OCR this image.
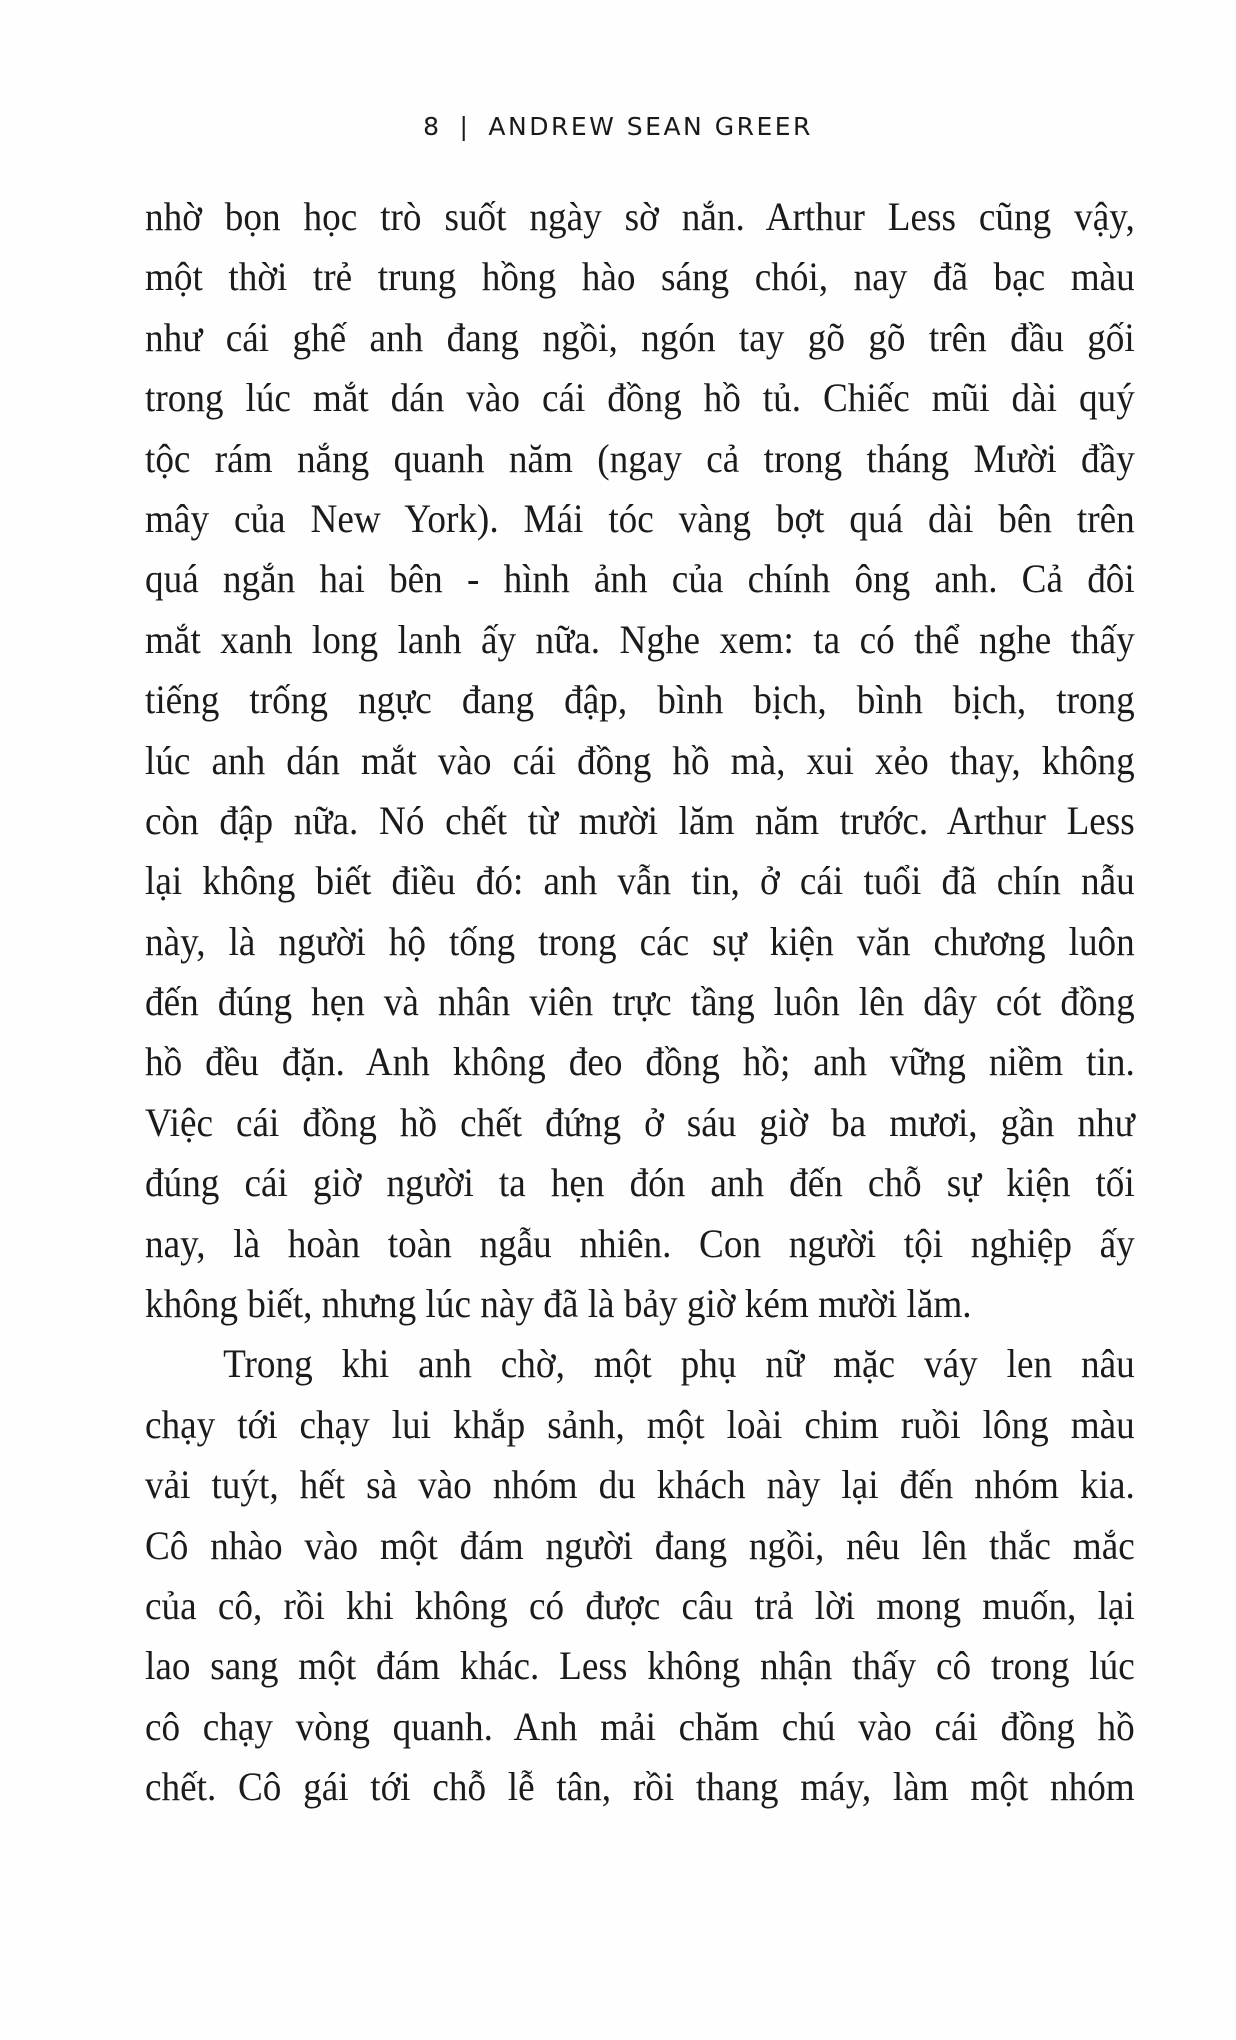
8 | ANDREW SEAN GREER
nhờ bọn học trò suốt ngày sờ nắn. Arthur Less cũng vậy,
một thời trẻ trung hồng hào sáng chói, nay đã bạc màu
như cái ghế anh đang ngồi, ngón tay gõ gõ trên đầu gối
trong lúc mắt dán vào cái đồng hồ tủ. Chiếc mũi dài quý
tộc rám nắng quanh năm (ngay cả trong tháng Mười đầy
mây của New York). Mái tóc vàng bợt quá dài bên trên
quá ngắn hai bên - hình ảnh của chính ông anh. Cả đôi
mắt xanh long lanh ấy nữa. Nghe xem: ta có thể nghe thấy
tiếng trống ngực đang đập, bình bịch, bình bịch, trong
lúc anh dán mắt vào cái đồng hồ mà, xui xẻo thay, không
còn đập nữa. Nó chết từ mười lăm năm trước. Arthur Less
lại không biết điều đó: anh vẫn tin, ở cái tuổi đã chín nẫu
này, là người hộ tống trong các sự kiện văn chương luôn
đến đúng hẹn và nhân viên trực tầng luôn lên dây cót đồng
hồ đều đặn. Anh không đeo đồng hồ; anh vững niềm tin.
Việc cái đồng hồ chết đứng ở sáu giờ ba mươi, gần như
đúng cái giờ người ta hẹn đón anh đến chỗ sự kiện tối
nay, là hoàn toàn ngẫu nhiên. Con người tội nghiệp ấy
không biết, nhưng lúc này đã là bảy giờ kém mười lăm.
Trong khi anh chờ, một phụ nữ mặc váy len nâu
chạy tới chạy lui khắp sảnh, một loài chim ruồi lông màu
vải tuýt, hết sà vào nhóm du khách này lại đến nhóm kia.
Cô nhào vào một đám người đang ngồi, nêu lên thắc mắc
của cô, rồi khi không có được câu trả lời mong muốn, lại
lao sang một đám khác. Less không nhận thấy cô trong lúc
cô chạy vòng quanh. Anh mải chăm chú vào cái đồng hồ
chết. Cô gái tới chỗ lễ tân, rồi thang máy, làm một nhóm
